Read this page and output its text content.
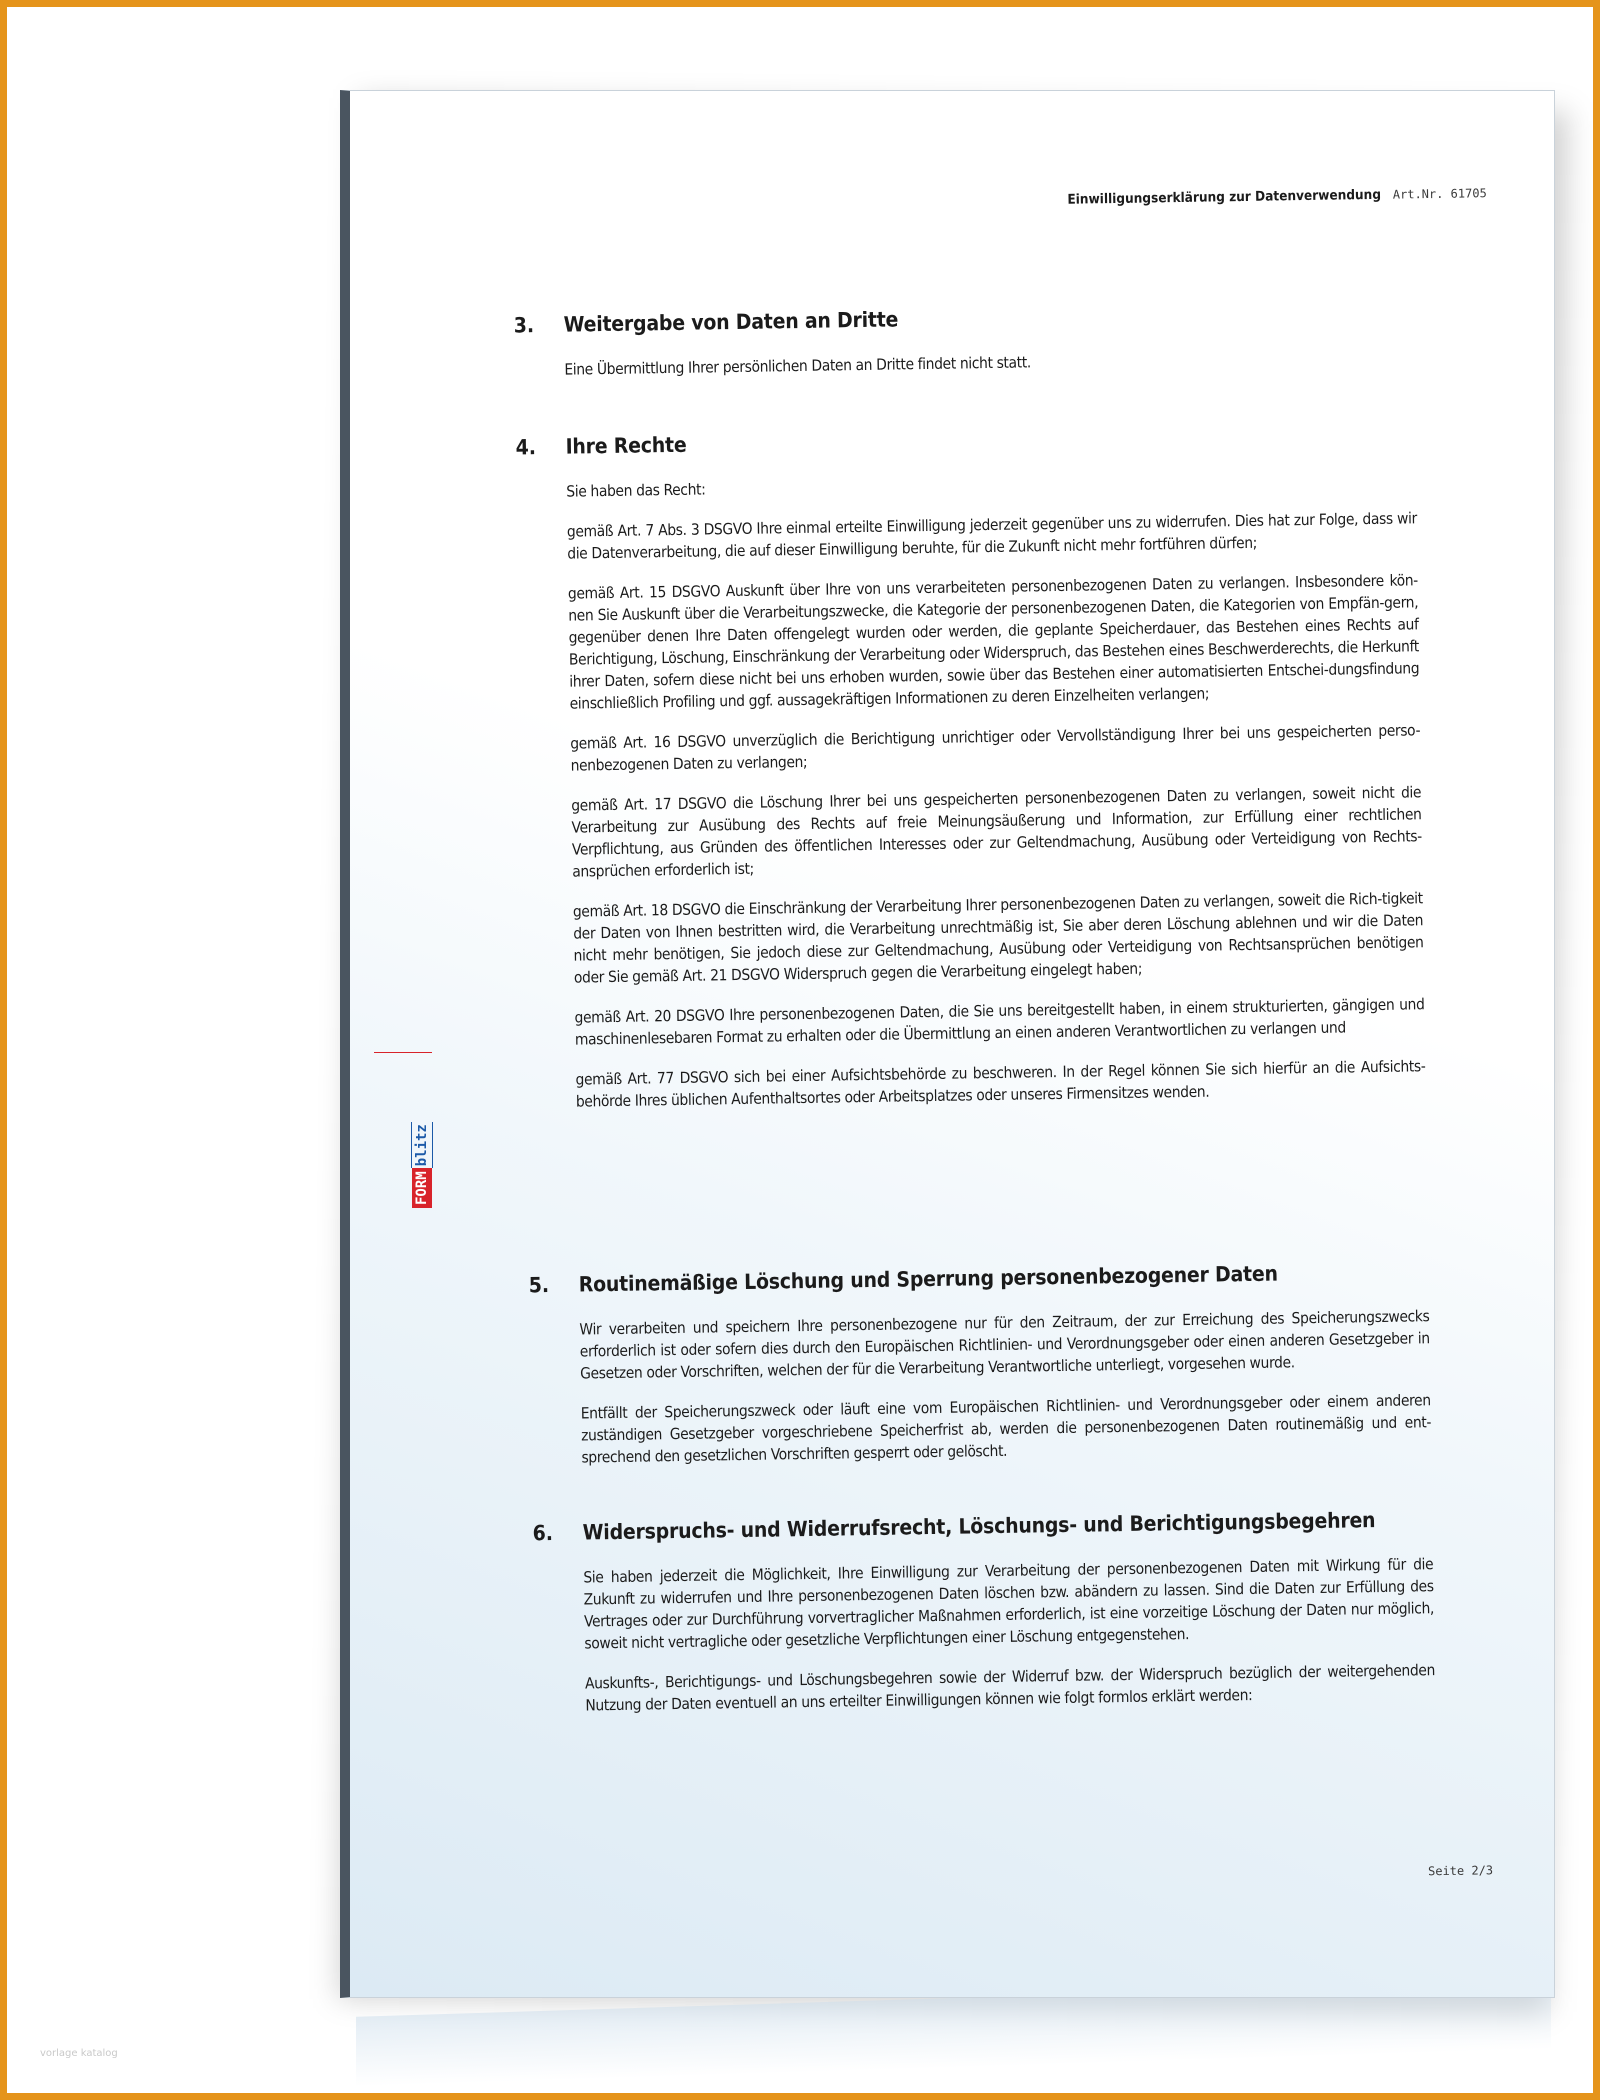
Einwilligungserklärung zur Datenverwendung Art.Nr. 61705
3. Weitergabe von Daten an Dritte
Eine Übermittlung Ihrer persönlichen Daten an Dritte findet nicht statt.
4. Ihre Rechte
Sie haben das Recht:
gemäß Art. 7 Abs. 3 DSGVO Ihre einmal erteilte Einwilligung jederzeit gegenüber uns zu widerrufen. Dies hat zur Folge, dass wir die Datenverarbeitung, die auf dieser Einwilligung beruhte, für die Zukunft nicht mehr fortführen dürfen;
gemäß Art. 15 DSGVO Auskunft über Ihre von uns verarbeiteten personenbezogenen Daten zu verlangen. Insbesondere kön-nen Sie Auskunft über die Verarbeitungszwecke, die Kategorie der personenbezogenen Daten, die Kategorien von Empfän-gern, gegenüber denen Ihre Daten offengelegt wurden oder werden, die geplante Speicherdauer, das Bestehen eines Rechts auf Berichtigung, Löschung, Einschränkung der Verarbeitung oder Widerspruch, das Bestehen eines Beschwerderechts, die Herkunft ihrer Daten, sofern diese nicht bei uns erhoben wurden, sowie über das Bestehen einer automatisierten Entschei-dungsfindung einschließlich Profiling und ggf. aussagekräftigen Informationen zu deren Einzelheiten verlangen;
gemäß Art. 16 DSGVO unverzüglich die Berichtigung unrichtiger oder Vervollständigung Ihrer bei uns gespeicherten perso-nenbezogenen Daten zu verlangen;
gemäß Art. 17 DSGVO die Löschung Ihrer bei uns gespeicherten personenbezogenen Daten zu verlangen, soweit nicht die Verarbeitung zur Ausübung des Rechts auf freie Meinungsäußerung und Information, zur Erfüllung einer rechtlichen Verpflichtung, aus Gründen des öffentlichen Interesses oder zur Geltendmachung, Ausübung oder Verteidigung von Rechts-ansprüchen erforderlich ist;
gemäß Art. 18 DSGVO die Einschränkung der Verarbeitung Ihrer personenbezogenen Daten zu verlangen, soweit die Rich-tigkeit der Daten von Ihnen bestritten wird, die Verarbeitung unrechtmäßig ist, Sie aber deren Löschung ablehnen und wir die Daten nicht mehr benötigen, Sie jedoch diese zur Geltendmachung, Ausübung oder Verteidigung von Rechtsansprüchen benötigen oder Sie gemäß Art. 21 DSGVO Widerspruch gegen die Verarbeitung eingelegt haben;
gemäß Art. 20 DSGVO Ihre personenbezogenen Daten, die Sie uns bereitgestellt haben, in einem strukturierten, gängigen und maschinenlesebaren Format zu erhalten oder die Übermittlung an einen anderen Verantwortlichen zu verlangen und
gemäß Art. 77 DSGVO sich bei einer Aufsichtsbehörde zu beschweren. In der Regel können Sie sich hierfür an die Aufsichts-behörde Ihres üblichen Aufenthaltsortes oder Arbeitsplatzes oder unseres Firmensitzes wenden.
5. Routinemäßige Löschung und Sperrung personenbezogener Daten
Wir verarbeiten und speichern Ihre personenbezogene nur für den Zeitraum, der zur Erreichung des Speicherungszwecks erforderlich ist oder sofern dies durch den Europäischen Richtlinien- und Verordnungsgeber oder einen anderen Gesetzgeber in Gesetzen oder Vorschriften, welchen der für die Verarbeitung Verantwortliche unterliegt, vorgesehen wurde.
Entfällt der Speicherungszweck oder läuft eine vom Europäischen Richtlinien- und Verordnungsgeber oder einem anderen zuständigen Gesetzgeber vorgeschriebene Speicherfrist ab, werden die personenbezogenen Daten routinemäßig und ent-sprechend den gesetzlichen Vorschriften gesperrt oder gelöscht.
6. Widerspruchs- und Widerrufsrecht, Löschungs- und Berichtigungsbegehren
Sie haben jederzeit die Möglichkeit, Ihre Einwilligung zur Verarbeitung der personenbezogenen Daten mit Wirkung für die Zukunft zu widerrufen und Ihre personenbezogenen Daten löschen bzw. abändern zu lassen. Sind die Daten zur Erfüllung des Vertrages oder zur Durchführung vorvertraglicher Maßnahmen erforderlich, ist eine vorzeitige Löschung der Daten nur möglich, soweit nicht vertragliche oder gesetzliche Verpflichtungen einer Löschung entgegenstehen.
Auskunfts-, Berichtigungs- und Löschungsbegehren sowie der Widerruf bzw. der Widerspruch bezüglich der weitergehenden Nutzung der Daten eventuell an uns erteilter Einwilligungen können wie folgt formlos erklärt werden:
Seite 2/3
FORMblitz
vorlage katalog
